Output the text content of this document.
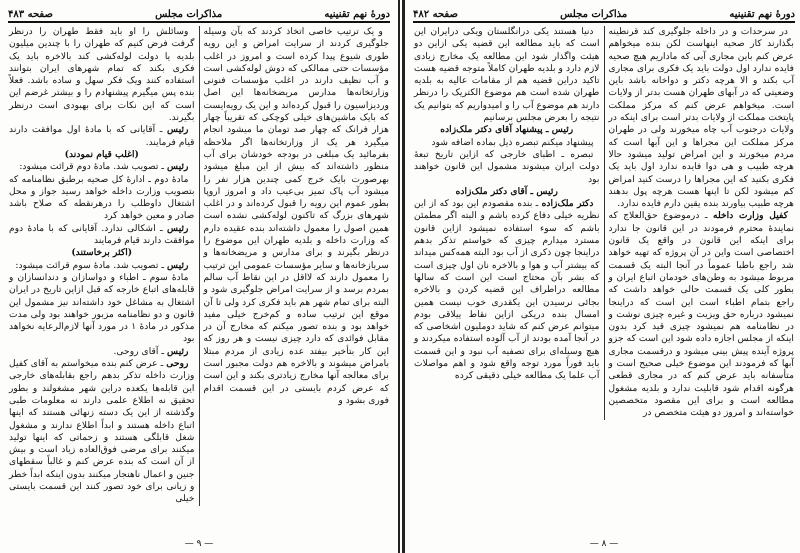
دورهٔ نهم تقنینیه
مذاکرات مجلس
صفحه ۴۸۳

و یک ترتیب خاصی اتخاذ کردند که بآن وسیله جلوگیری کردند از سرایت امراض و این رویه طوری شیوع پیدا کرده است و امروز در اغلب مؤسسات حتی ممالکی که دوش لوله‌کشی است و آب نظیف دارند در اغلب مؤسسات فنونی وزارتخانه‌ها مدارس مریضخانه‌ها این اصل وردیزاسیون را قبول کرده‌اند و این یک رویه‌ایست که بایک ماشین‌های خیلی کوچکی که تقریباً چهار هزار فرانک که چهار صد تومان ما میشود انجام میگیرد هر یک از وزارتخانه‌ها اگر ملاحظه بفرمائید یک مبلغی در بودجه خودشان برای آب منظور داشته‌اند که بیش از این مبلغ میشود بهرصورت بایک خرج کمی چندین هزار نفر را میشود آب پاک تمیز بی‌عیب داد و امروز اروپا بطور عموم این رویه را قبول کرده‌اند و در اغلب شهرهای بزرگ که تاکنون لوله‌کشی نشده است همین اصول را معمول داشته‌اند بنده عقیده دارم که وزارت داخله و بلدیه طهران این موضوع را درنظر بگیرند و برای مدارس و مریضخانه‌ها و سربازخانه‌ها و سایر مؤسسات عمومی این ترتیب را معمول دارند که لااقل در این نقاط آب سالم بمردم برسد و از سرایت امراض جلوگیری شود و البته برای تمام شهر هم باید فکری کرد ولی تا آن موقع این ترتیب ساده و کم‌خرج خیلی مفید خواهد بود و بنده تصور میکنم که مخارج آن در مقابل فوائدی که دارد چیزی نیست و هر روز که این کار بتأخیر بیفتد عده زیادی از مردم مبتلا بامراض میشوند و بالاخره هم دولت مجبور است برای معالجه آنها مخارج زیادتری بکند و این است که عرض کردم بایستی در این قسمت اقدام فوری بشود و

وسائلش را او باید فقط طهران را درنظر گرفت فرض کنیم که طهران را با چندین میلیون بلدیه یا دولت لوله‌کشی کند بالاخره باید یک فکری بکند که تمام شهرهای ایران بتوانند استفاده کنند ویک فکر سهل و ساده باشد. فعلاً بنده پس میگیرم پیشنهادم را و بیشتر غرضم این است که این نکات برای بهبودی است درنظر بگیرند.

رئیس ـ آقایانی که با مادهٔ اول موافقت دارند قیام فرمایند.

(اغلب قیام نمودند)

رئیس ـ تصویب شد. مادهٔ دوم قرائت میشود:

مادهٔ دوم ـ ادارهٔ کل صحیه برطبق نظامنامه که بتصویب وزارت داخله خواهد رسید جواز و محل اشتغال داوطلب را درهرنقطه که صلاح باشد صادر و معین خواهد کرد

رئیس ـ اشکالی ندارد. آقایانی که با مادهٔ دوم موافقت دارند قیام فرمایند

(اکثر برخاستند)

رئیس ـ تصویب شد. مادهٔ سوم قرائت میشود:

مادهٔ سوم ـ اطباء و دواسازان و دندانسازان و قابله‌های اتباع خارجه که قبل ازاین تاریخ در ایران اشتغال به مشاغل خود داشته‌اند نیز مشمول این قانون و دو نظامنامه مزبور خواهند بود ولی مدت مذکور در مادهٔ ۱ در مورد آنها لازم‌الرعایه نخواهد بود

رئیس ـ آقای روحی.

روحی ـ عرض کنم بنده میخواستم به آقای کفیل وزارت داخله تذکر بدهم راجع بقابله‌های خارجی این قابله‌ها یکعده دراین شهر مشغولند و بطور تحقیق نه اطلاع علمی دارند نه معلومات طبی وگذشته از این یک دسته زنهائی هستند که اینها اتباع داخله هستند و ابداً اطلاع ندارند و مشغول شغل قابلگی هستند و زحماتی که اینها تولید میکنند برای مرضی فوق‌العاده زیاد است و بیش از آن است که بنده عرض کنم و غالباً سقطهای جنین و اعمال ناهنجار میکنند بدون اینکه ابداً خطر و زیانی برای خود تصور کنند این قسمت بایستی خیلی

— ۹ —
دورهٔ نهم تقنینیه
مذاکرات مجلس
صفحه ۴۸۲

در سرحدات و در داخله جلوگیری کند قرنطینه بگذارند کار صحیه اینهاست لکن بنده میخواهم عرض کنم باین مجاری آبی که ماداریم هیچ صحیه فایده ندارد اول دولت باید یک فکری برای مجاری آب بکند و الا هرچه دکتر و دواخانه باشد باین وضعیتی که در آبهای طهران هست بدتر از ولایات است. میخواهم عرض کنم که مرکز مملکت پایتخت مملکت از ولایات بدتر است برای اینکه در ولایات درجنوب آب چاه میخورند ولی در طهران مرکز مملکت این مجراها و این آبها است که مردم میخورند و این امراض تولید میشود حالا هرچه طبیب و هی دوا فایده ندارد اول باید یک فکری بکنید که این مجراها را درست کنید امراض کم میشود لکن تا اینها هست هرچه پول بدهند هرچه طبیب بیاورند بنده یقین دارم فایده ندارد.

کفیل وزارت داخله ـ درموضوع حق‌العلاج که نمایندهٔ محترم فرمودند در این قانون جا ندارد برای اینکه این قانون در واقع یک قانون اختصاصی است واین در آن پروژه که تهیه خواهد شد راجع باطبا عموماً در آنجا البته یک قسمت مربوط میشود به وطن‌های خودمان اتباع ایران و بطور کلی یک قسمت حالی خواهد داشت که راجع بتمام اطباء است این است که دراینجا نمیشود درباره حق ویزیت و غیره چیزی نوشت و در نظامنامه هم نمیشود چیزی قید کرد بدون اینکه از مجلس اجازه داده شود این است که جزو پروژه آینده پیش بینی میشود و درقسمت مجاری آبها که فرمودند این موضوع خیلی صحیح است و متأسفانه باید عرض کنم که در مجاری قطعی هرگونه اقدام شود قابلیت ندارد و بلدیه مشغول مطالعه است و برای این مقصود متخصصین خواسته‌اند و امروز دو هیئت متخصص در

دنیا هستند یکی درانگلستان ویکی درایران این است که باید مطالعه این قضیه یکی ازاین دو هیئت واگذار شود این مطالعه یک مخارج زیادی لازم دارد و بلدیه طهران کاملاً متوجه قضیه هست تاکید دراین قضیه هم از مقامات عالیه به بلدیه طهران شده است هم موضوع الکتریک را درنظر دارند هم موضوع آب را و امیدواریم که بتوانیم یک نتیجه را بعرض مجلس برسانیم

رئیس ـ پیشنهاد آقای دکتر ملک‌زاده

پیشنهاد میکنم تبصره ذیل بماده اضافه شود

تبصره ـ اطبای خارجی که ازاین تاریخ تبعهٔ دولت ایران میشوند مشمول این قانون خواهند بود

رئیس ـ آقای دکتر ملک‌زاده

دکتر ملک‌زاده ـ بنده مقصودم این بود که از این نظریه خیلی دفاع کرده باشم و البته اگر مطمئن باشم که سوء استفاده نمیشود ازاین قانون مسترد میدارم چیزی که خواستم تذکر بدهم دراینجا چون ذکری از آب بود البته همه‌کس میداند که بیشتر آب و هوا و بالاخره نان اول چیزی است که بشر بآن محتاج است این است که سالها مطالعه دراطراف این قضیه کردن و بالاخره بجائی نرسیدن این یکقدری خوب نیست همین امسال بنده دریکی ازاین نقاط ییلاقی بودم میتوانم عرض کنم که شاید دوملیون اشخاصی که در آنجا آمده بودند از آب آلوده استفاده میکردند و هیچ وسیله‌ای برای تصفیه آب نبود و این قسمت باید فوراً مورد توجه واقع شود و اهم مواصلات آب علما یک مطالعه خیلی دقیقی کرده

— ۸ —
